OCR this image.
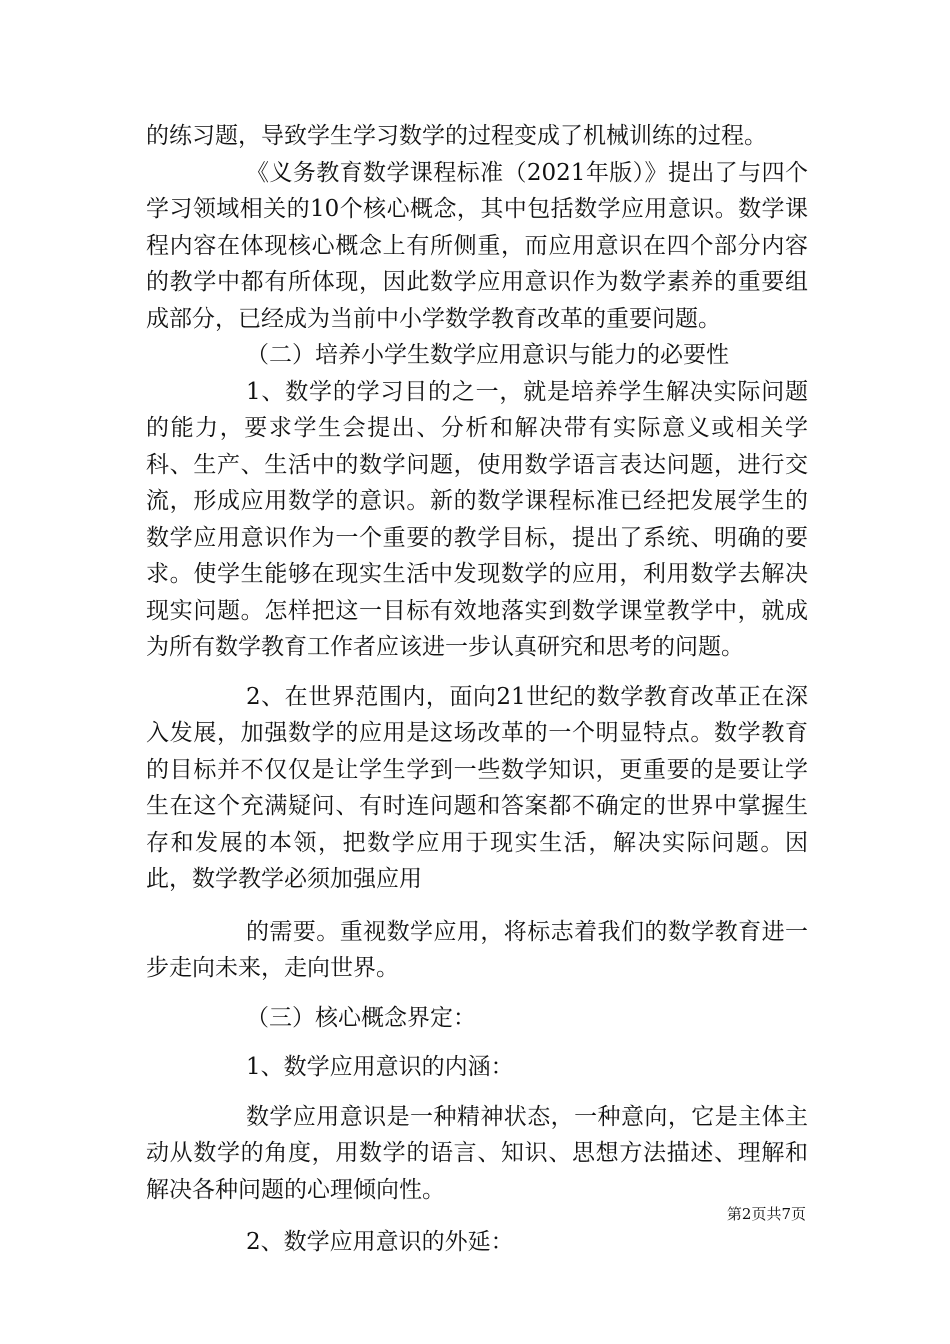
的练习题，导致学生学习数学的过程变成了机械训练的过程。

《义务教育数学课程标准（2021年版）》提出了与四个学习领域相关的10个核心概念，其中包括数学应用意识。数学课程内容在体现核心概念上有所侧重，而应用意识在四个部分内容的教学中都有所体现，因此数学应用意识作为数学素养的重要组成部分，已经成为当前中小学数学教育改革的重要问题。

（二）培养小学生数学应用意识与能力的必要性

1、数学的学习目的之一，就是培养学生解决实际问题的能力，要求学生会提出、分析和解决带有实际意义或相关学科、生产、生活中的数学问题，使用数学语言表达问题，进行交流，形成应用数学的意识。新的数学课程标准已经把发展学生的数学应用意识作为一个重要的教学目标，提出了系统、明确的要求。使学生能够在现实生活中发现数学的应用，利用数学去解决现实问题。怎样把这一目标有效地落实到数学课堂教学中，就成为所有数学教育工作者应该进一步认真研究和思考的问题。

2、在世界范围内，面向21世纪的数学教育改革正在深入发展，加强数学的应用是这场改革的一个明显特点。数学教育的目标并不仅仅是让学生学到一些数学知识，更重要的是要让学生在这个充满疑问、有时连问题和答案都不确定的世界中掌握生存和发展的本领，把数学应用于现实生活，解决实际问题。因此，数学教学必须加强应用

的需要。重视数学应用，将标志着我们的数学教育进一步走向未来，走向世界。

（三）核心概念界定：

1、数学应用意识的内涵：

数学应用意识是一种精神状态，一种意向，它是主体主动从数学的角度，用数学的语言、知识、思想方法描述、理解和解决各种问题的心理倾向性。

2、数学应用意识的外延：

第2页共7页
